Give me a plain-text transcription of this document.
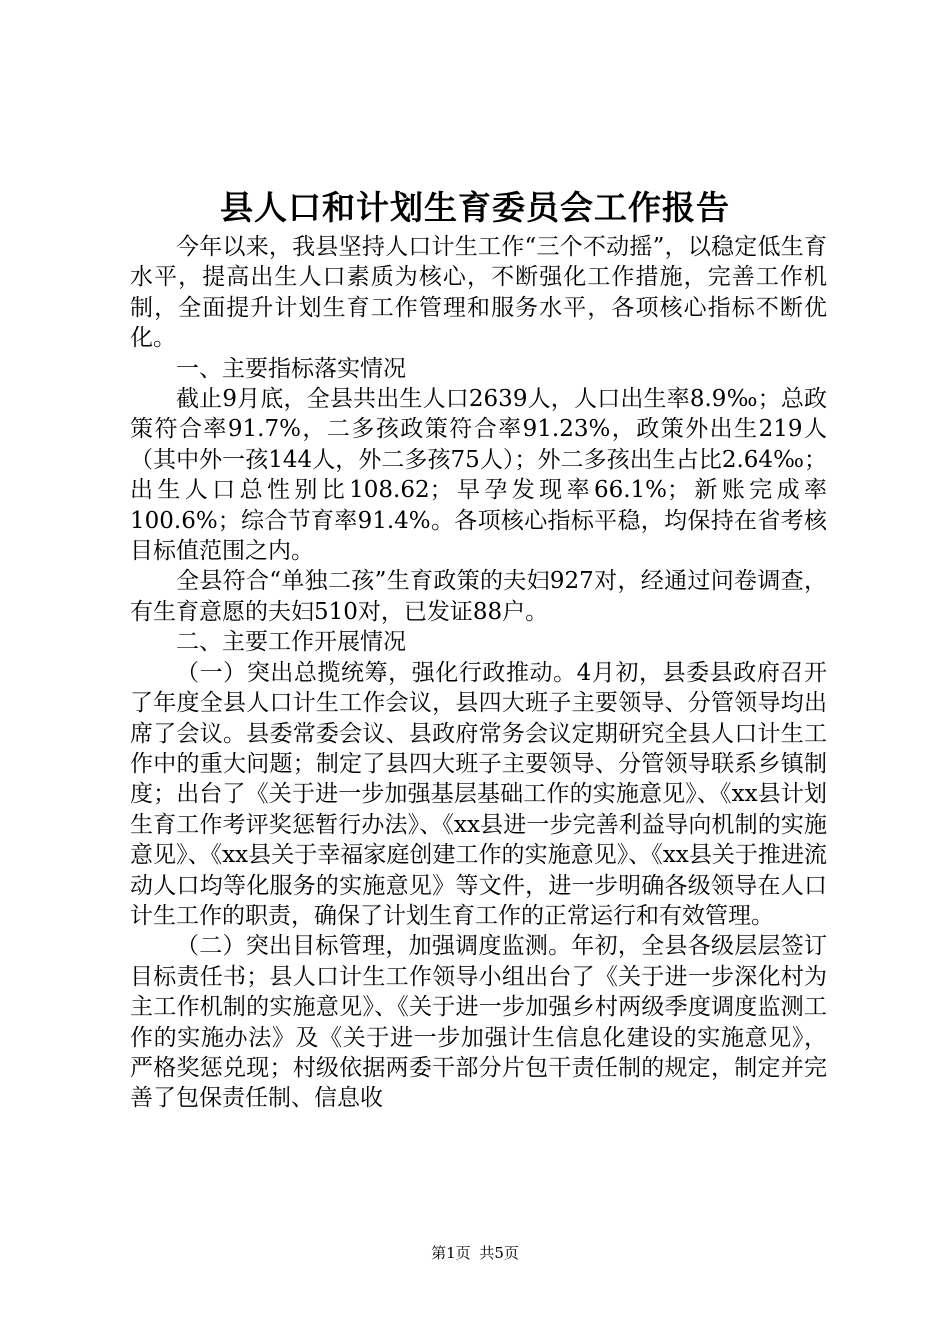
县人口和计划生育委员会工作报告

今年以来，我县坚持人口计生工作“三个不动摇”，以稳定低生育水平，提高出生人口素质为核心，不断强化工作措施，完善工作机制，全面提升计划生育工作管理和服务水平，各项核心指标不断优化。

一、主要指标落实情况

截止9月底，全县共出生人口2639人，人口出生率8.9‰；总政策符合率91.7%，二多孩政策符合率91.23%，政策外出生219人（其中外一孩144人，外二多孩75人）；外二多孩出生占比2.64‰；出生人口总性别比108.62；早孕发现率66.1%；新账完成率100.6%；综合节育率91.4%。各项核心指标平稳，均保持在省考核目标值范围之内。

全县符合“单独二孩”生育政策的夫妇927对，经通过问卷调查，有生育意愿的夫妇510对，已发证88户。

二、主要工作开展情况

（一）突出总揽统筹，强化行政推动。4月初，县委县政府召开了年度全县人口计生工作会议，县四大班子主要领导、分管领导均出席了会议。县委常委会议、县政府常务会议定期研究全县人口计生工作中的重大问题；制定了县四大班子主要领导、分管领导联系乡镇制度；出台了《关于进一步加强基层基础工作的实施意见》、《xx县计划生育工作考评奖惩暂行办法》、《xx县进一步完善利益导向机制的实施意见》、《xx县关于幸福家庭创建工作的实施意见》、《xx县关于推进流动人口均等化服务的实施意见》等文件，进一步明确各级领导在人口计生工作的职责，确保了计划生育工作的正常运行和有效管理。

（二）突出目标管理，加强调度监测。年初，全县各级层层签订目标责任书；县人口计生工作领导小组出台了《关于进一步深化村为主工作机制的实施意见》、《关于进一步加强乡村两级季度调度监测工作的实施办法》及《关于进一步加强计生信息化建设的实施意见》，严格奖惩兑现；村级依据两委干部分片包干责任制的规定，制定并完善了包保责任制、信息收

第1页 共5页
